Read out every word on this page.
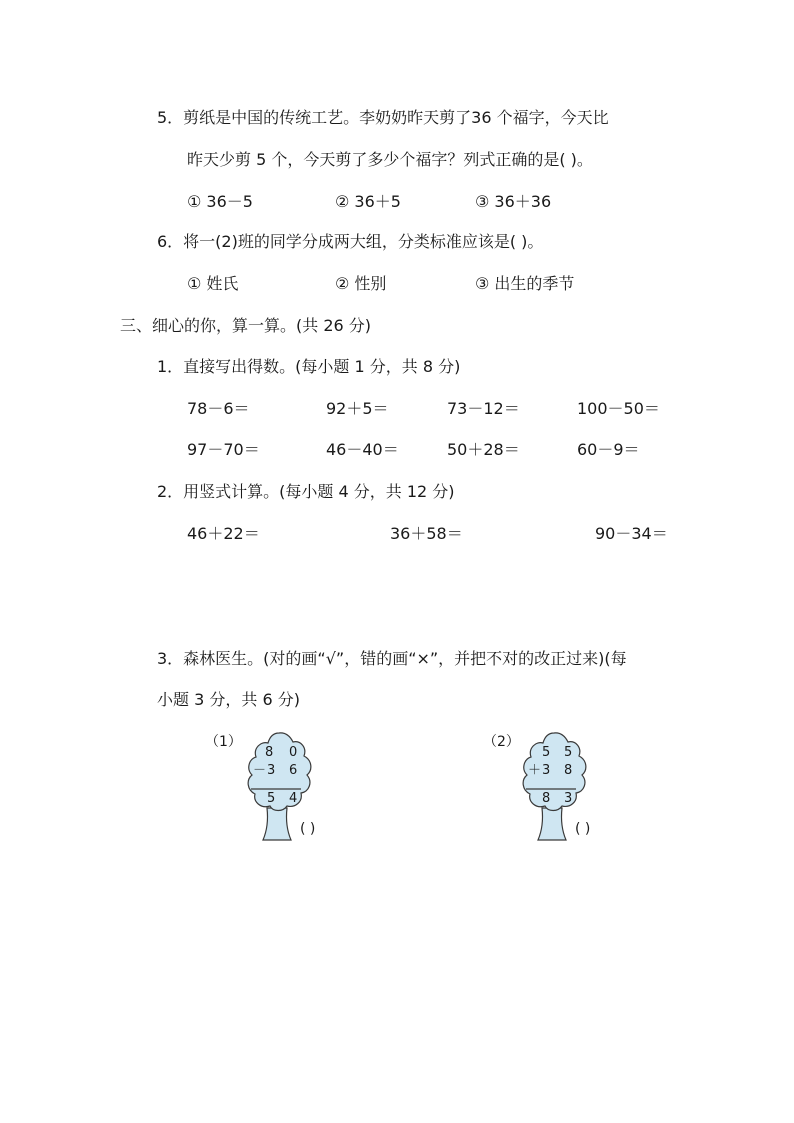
5．剪纸是中国的传统工艺。李奶奶昨天剪了36 个福字，今天比
昨天少剪 5 个，今天剪了多少个福字？列式正确的是( )。
① 36－5	② 36＋5	③ 36＋36
6．将一(2)班的同学分成两大组，分类标准应该是( )。
① 姓氏	② 性别	③ 出生的季节
三、细心的你，算一算。(共 26 分)
1．直接写出得数。(每小题 1 分，共 8 分)
78－6＝	92＋5＝	73－12＝	100－50＝
97－70＝	46－40＝	50＋28＝	60－9＝
2．用竖式计算。(每小题 4 分，共 12 分)
46＋22＝	36＋58＝	90－34＝
3．森林医生。(对的画“√”，错的画“×”，并把不对的改正过来)(每
小题 3 分，共 6 分)
（1）
8 0
－ 3 6
5 4
( )
（2）
5 5
＋ 3 8
8 3
( )
